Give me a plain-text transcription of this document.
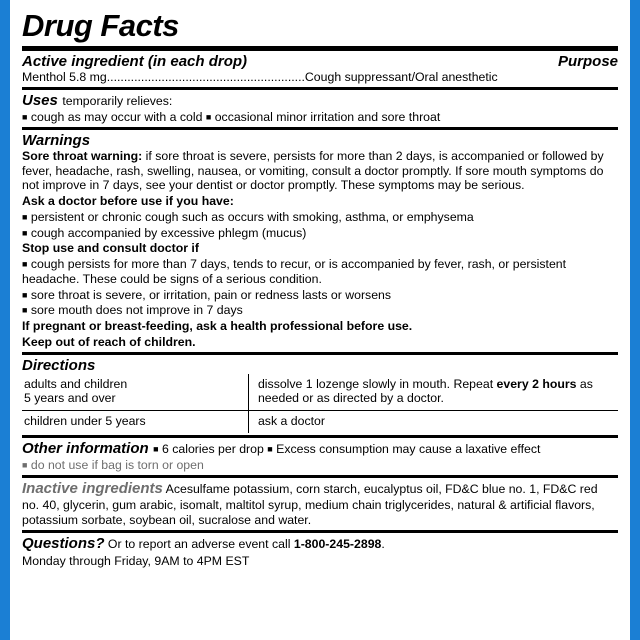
Drug Facts
Active ingredient (in each drop)	Purpose
Menthol 5.8 mg..........................................................Cough suppressant/Oral anesthetic
Uses temporarily relieves:
■ cough as may occur with a cold ■ occasional minor irritation and sore throat
Warnings

Sore throat warning: if sore throat is severe, persists for more than 2 days, is accompanied or followed by fever, headache, rash, swelling, nausea, or vomiting, consult a doctor promptly. If sore mouth symptoms do not improve in 7 days, see your dentist or doctor promptly. These symptoms may be serious.

Ask a doctor before use if you have:

■ persistent or chronic cough such as occurs with smoking, asthma, or emphysema

■ cough accompanied by excessive phlegm (mucus)

Stop use and consult doctor if

■ cough persists for more than 7 days, tends to recur, or is accompanied by fever, rash, or persistent headache. These could be signs of a serious condition.

■ sore throat is severe, or irritation, pain or redness lasts or worsens

■ sore mouth does not improve in 7 days

If pregnant or breast-feeding, ask a health professional before use.

Keep out of reach of children.

Directions
adults and children
5 years and over	dissolve 1 lozenge slowly in mouth. Repeat every 2 hours as needed or as directed by a doctor.
children under 5 years	ask a doctor
Other information ■ 6 calories per drop ■ Excess consumption may cause a laxative effect
■ do not use if bag is torn or open
Inactive ingredients Acesulfame potassium, corn starch, eucalyptus oil, FD&C blue no. 1, FD&C red no. 40, glycerin, gum arabic, isomalt, maltitol syrup, medium chain triglycerides, natural & artificial flavors, potassium sorbate, soybean oil, sucralose and water.
Questions? Or to report an adverse event call 1-800-245-2898.
Monday through Friday, 9AM to 4PM EST
